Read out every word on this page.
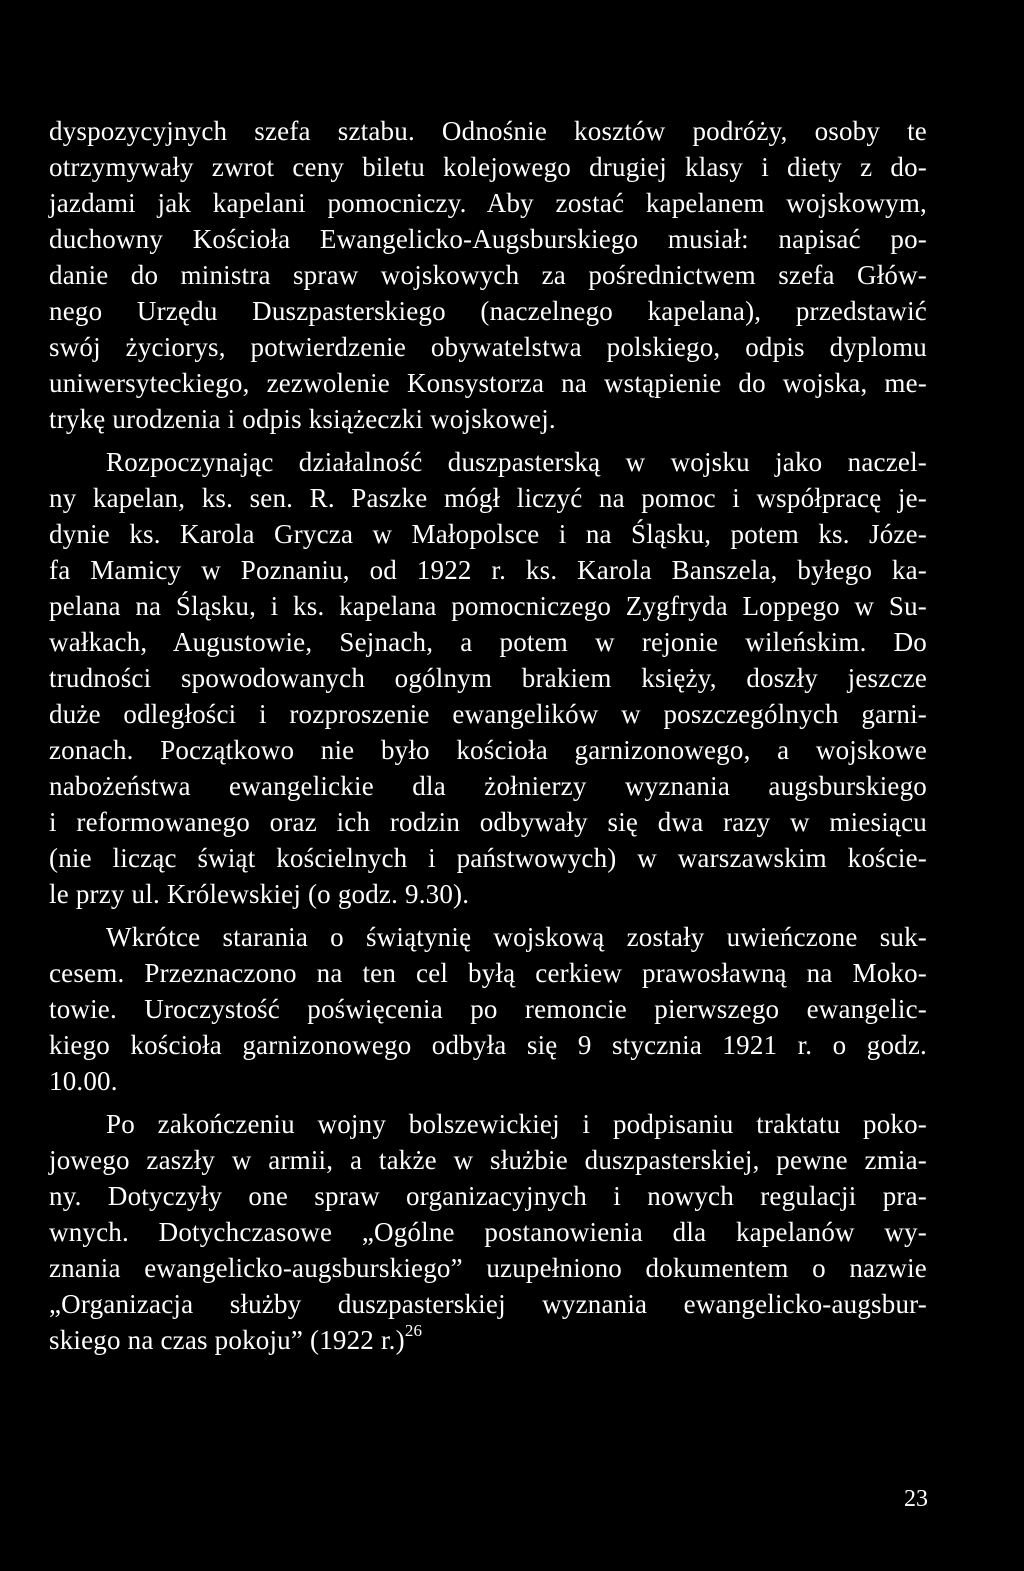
dyspozycyjnych szefa sztabu. Odnośnie kosztów podróży, osoby te
otrzymywały zwrot ceny biletu kolejowego drugiej klasy i diety z do-
jazdami jak kapelani pomocniczy. Aby zostać kapelanem wojskowym,
duchowny Kościoła Ewangelicko-Augsburskiego musiał: napisać po-
danie do ministra spraw wojskowych za pośrednictwem szefa Głów-
nego Urzędu Duszpasterskiego (naczelnego kapelana), przedstawić
swój życiorys, potwierdzenie obywatelstwa polskiego, odpis dyplomu
uniwersyteckiego, zezwolenie Konsystorza na wstąpienie do wojska, me-
trykę urodzenia i odpis książeczki wojskowej.
Rozpoczynając działalność duszpasterską w wojsku jako naczel-
ny kapelan, ks. sen. R. Paszke mógł liczyć na pomoc i współpracę je-
dynie ks. Karola Grycza w Małopolsce i na Śląsku, potem ks. Józe-
fa Mamicy w Poznaniu, od 1922 r. ks. Karola Banszela, byłego ka-
pelana na Śląsku, i ks. kapelana pomocniczego Zygfryda Loppego w Su-
wałkach, Augustowie, Sejnach, a potem w rejonie wileńskim. Do
trudności spowodowanych ogólnym brakiem księży, doszły jeszcze
duże odległości i rozproszenie ewangelików w poszczególnych garni-
zonach. Początkowo nie było kościoła garnizonowego, a wojskowe
nabożeństwa ewangelickie dla żołnierzy wyznania augsburskiego
i reformowanego oraz ich rodzin odbywały się dwa razy w miesiącu
(nie licząc świąt kościelnych i państwowych) w warszawskim koście-
le przy ul. Królewskiej (o godz. 9.30).
Wkrótce starania o świątynię wojskową zostały uwieńczone suk-
cesem. Przeznaczono na ten cel byłą cerkiew prawosławną na Moko-
towie. Uroczystość poświęcenia po remoncie pierwszego ewangelic-
kiego kościoła garnizonowego odbyła się 9 stycznia 1921 r. o godz.
10.00.
Po zakończeniu wojny bolszewickiej i podpisaniu traktatu poko-
jowego zaszły w armii, a także w służbie duszpasterskiej, pewne zmia-
ny. Dotyczyły one spraw organizacyjnych i nowych regulacji pra-
wnych. Dotychczasowe „Ogólne postanowienia dla kapelanów wy-
znania ewangelicko-augsburskiego” uzupełniono dokumentem o nazwie
„Organizacja służby duszpasterskiej wyznania ewangelicko-augsbur-
skiego na czas pokoju” (1922 r.)$^{26}$
23
